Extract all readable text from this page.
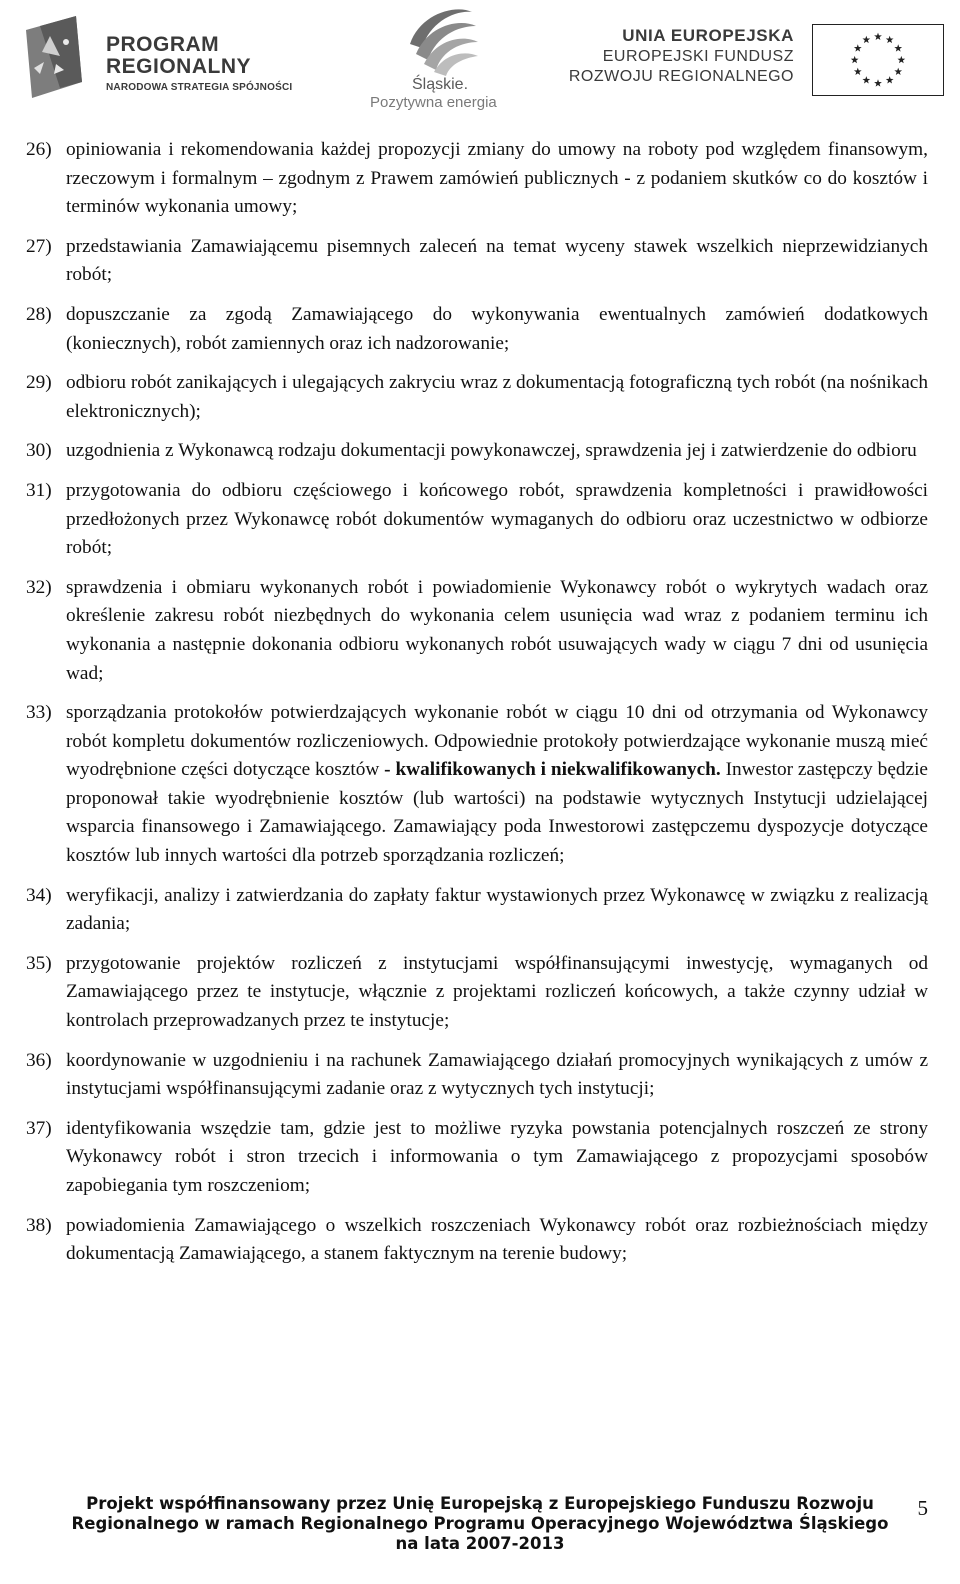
PROGRAM
REGIONALNY
NARODOWA STRATEGIA SPÓJNOŚCI	Śląskie.
Pozytywna energia
UNIA EUROPEJSKA
EUROPEJSKI FUNDUSZ
ROZWOJU REGIONALNEGO
26) opiniowania i rekomendowania każdej propozycji zmiany do umowy na roboty pod względem finansowym, rzeczowym i formalnym – zgodnym z Prawem zamówień publicznych - z podaniem skutków co do kosztów i terminów wykonania umowy;
27) przedstawiania Zamawiającemu pisemnych zaleceń na temat wyceny stawek wszelkich nieprzewidzianych robót;
28) dopuszczanie za zgodą Zamawiającego do wykonywania ewentualnych zamówień dodatkowych (koniecznych), robót zamiennych oraz ich nadzorowanie;
29) odbioru robót zanikających i ulegających zakryciu wraz z dokumentacją fotograficzną tych robót (na nośnikach elektronicznych);
30) uzgodnienia z Wykonawcą rodzaju dokumentacji powykonawczej, sprawdzenia jej i zatwierdzenie do odbioru
31) przygotowania do odbioru częściowego i końcowego robót, sprawdzenia kompletności i prawidłowości przedłożonych przez Wykonawcę robót dokumentów wymaganych do odbioru oraz uczestnictwo w odbiorze robót;
32) sprawdzenia i obmiaru wykonanych robót i powiadomienie Wykonawcy robót o wykrytych wadach oraz określenie zakresu robót niezbędnych do wykonania celem usunięcia wad wraz z podaniem terminu ich wykonania a następnie dokonania odbioru wykonanych robót usuwających wady w ciągu 7 dni od usunięcia wad;
33) sporządzania protokołów potwierdzających wykonanie robót w ciągu 10 dni od otrzymania od Wykonawcy robót kompletu dokumentów rozliczeniowych. Odpowiednie protokoły potwierdzające wykonanie muszą mieć wyodrębnione części dotyczące kosztów - kwalifikowanych i niekwalifikowanych. Inwestor zastępczy będzie proponował takie wyodrębnienie kosztów (lub wartości) na podstawie wytycznych Instytucji udzielającej wsparcia finansowego i Zamawiającego. Zamawiający poda Inwestorowi zastępczemu dyspozycje dotyczące kosztów lub innych wartości dla potrzeb sporządzania rozliczeń;
34) weryfikacji, analizy i zatwierdzania do zapłaty faktur wystawionych przez Wykonawcę w związku z realizacją zadania;
35) przygotowanie projektów rozliczeń z instytucjami współfinansującymi inwestycję, wymaganych od Zamawiającego przez te instytucje, włącznie z projektami rozliczeń końcowych, a także czynny udział w kontrolach przeprowadzanych przez te instytucje;
36) koordynowanie w uzgodnieniu i na rachunek Zamawiającego działań promocyjnych wynikających z umów z instytucjami współfinansującymi zadanie oraz z wytycznych tych instytucji;
37) identyfikowania wszędzie tam, gdzie jest to możliwe ryzyka powstania potencjalnych roszczeń ze strony Wykonawcy robót i stron trzecich i informowania o tym Zamawiającego z propozycjami sposobów zapobiegania tym roszczeniom;
38) powiadomienia Zamawiającego o wszelkich roszczeniach Wykonawcy robót oraz rozbieżnościach między dokumentacją Zamawiającego, a stanem faktycznym na terenie budowy;
Projekt współfinansowany przez Unię Europejską z Europejskiego Funduszu Rozwoju
Regionalnego w ramach Regionalnego Programu Operacyjnego Województwa Śląskiego
na lata 2007-2013
5
